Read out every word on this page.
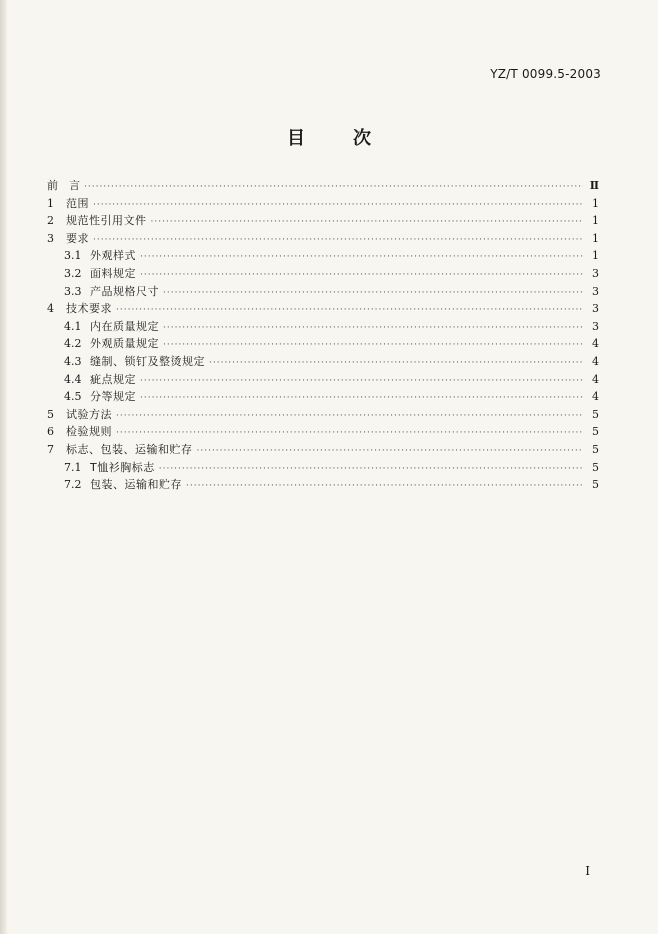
YZ/T 0099.5-2003
目	次
前　言 ·····	Ⅱ
1	范围 ·····	1
2	规范性引用文件 ·····	1
3	要求 ·····	1
3.1 外观样式 ·····	1
3.2 面料规定 ·····	3
3.3 产品规格尺寸 ·····	3
4	技术要求 ·····	3
4.1 内在质量规定 ·····	3
4.2 外观质量规定 ·····	4
4.3 缝制、锁钉及整烫规定 ·····	4
4.4 疵点规定 ·····	4
4.5 分等规定 ·····	4
5	试验方法 ·····	5
6	检验规则 ·····	5
7	标志、包装、运输和贮存 ·····	5
7.1 T恤衫胸标志 ·····	5
7.2 包装、运输和贮存 ·····	5
I
